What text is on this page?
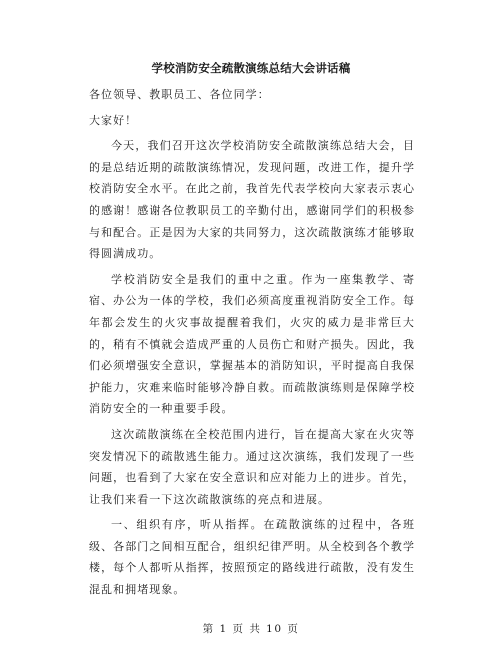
学校消防安全疏散演练总结大会讲话稿

各位领导、教职员工、各位同学：

大家好！

今天，我们召开这次学校消防安全疏散演练总结大会，目的是总结近期的疏散演练情况，发现问题，改进工作，提升学校消防安全水平。在此之前，我首先代表学校向大家表示衷心的感谢！感谢各位教职员工的辛勤付出，感谢同学们的积极参与和配合。正是因为大家的共同努力，这次疏散演练才能够取得圆满成功。

学校消防安全是我们的重中之重。作为一座集教学、寄宿、办公为一体的学校，我们必须高度重视消防安全工作。每年都会发生的火灾事故提醒着我们，火灾的威力是非常巨大的，稍有不慎就会造成严重的人员伤亡和财产损失。因此，我们必须增强安全意识，掌握基本的消防知识，平时提高自我保护能力，灾难来临时能够冷静自救。而疏散演练则是保障学校消防安全的一种重要手段。

这次疏散演练在全校范围内进行，旨在提高大家在火灾等突发情况下的疏散逃生能力。通过这次演练，我们发现了一些问题，也看到了大家在安全意识和应对能力上的进步。首先，让我们来看一下这次疏散演练的亮点和进展。

一、组织有序，听从指挥。在疏散演练的过程中，各班级、各部门之间相互配合，组织纪律严明。从全校到各个教学楼，每个人都听从指挥，按照预定的路线进行疏散，没有发生混乱和拥堵现象。

第 1 页 共 10 页
